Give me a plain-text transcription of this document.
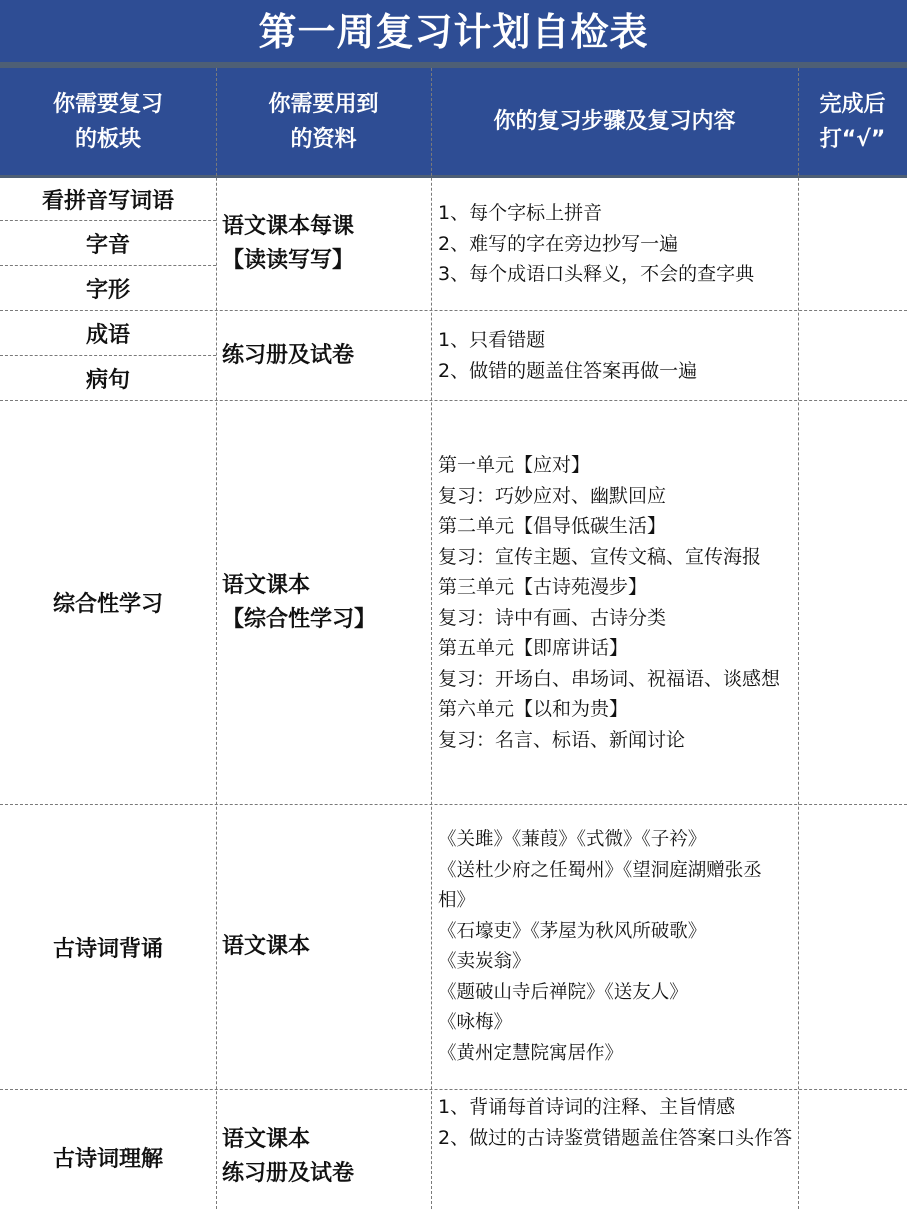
第一周复习计划自检表
你需要复习
的板块
你需要用到
的资料
你的复习步骤及复习内容
完成后
打“√”
看拼音写词语
字音
字形
语文课本每课
【读读写写】
1、每个字标上拼音
2、难写的字在旁边抄写一遍
3、每个成语口头释义，不会的查字典
成语
病句
练习册及试卷
1、只看错题
2、做错的题盖住答案再做一遍
综合性学习
语文课本
【综合性学习】
第一单元【应对】
复习：巧妙应对、幽默回应
第二单元【倡导低碳生活】
复习：宣传主题、宣传文稿、宣传海报
第三单元【古诗苑漫步】
复习：诗中有画、古诗分类
第五单元【即席讲话】
复习：开场白、串场词、祝福语、谈感想
第六单元【以和为贵】
复习：名言、标语、新闻讨论
古诗词背诵	语文课本
《关雎》《蒹葭》《式微》《子衿》
《送杜少府之任蜀州》《望洞庭湖赠张丞相》
《石壕吏》《茅屋为秋风所破歌》
《卖炭翁》
《题破山寺后禅院》《送友人》
《咏梅》
《黄州定慧院寓居作》
古诗词理解
语文课本
练习册及试卷
1、背诵每首诗词的注释、主旨情感
2、做过的古诗鉴赏错题盖住答案口头作答
